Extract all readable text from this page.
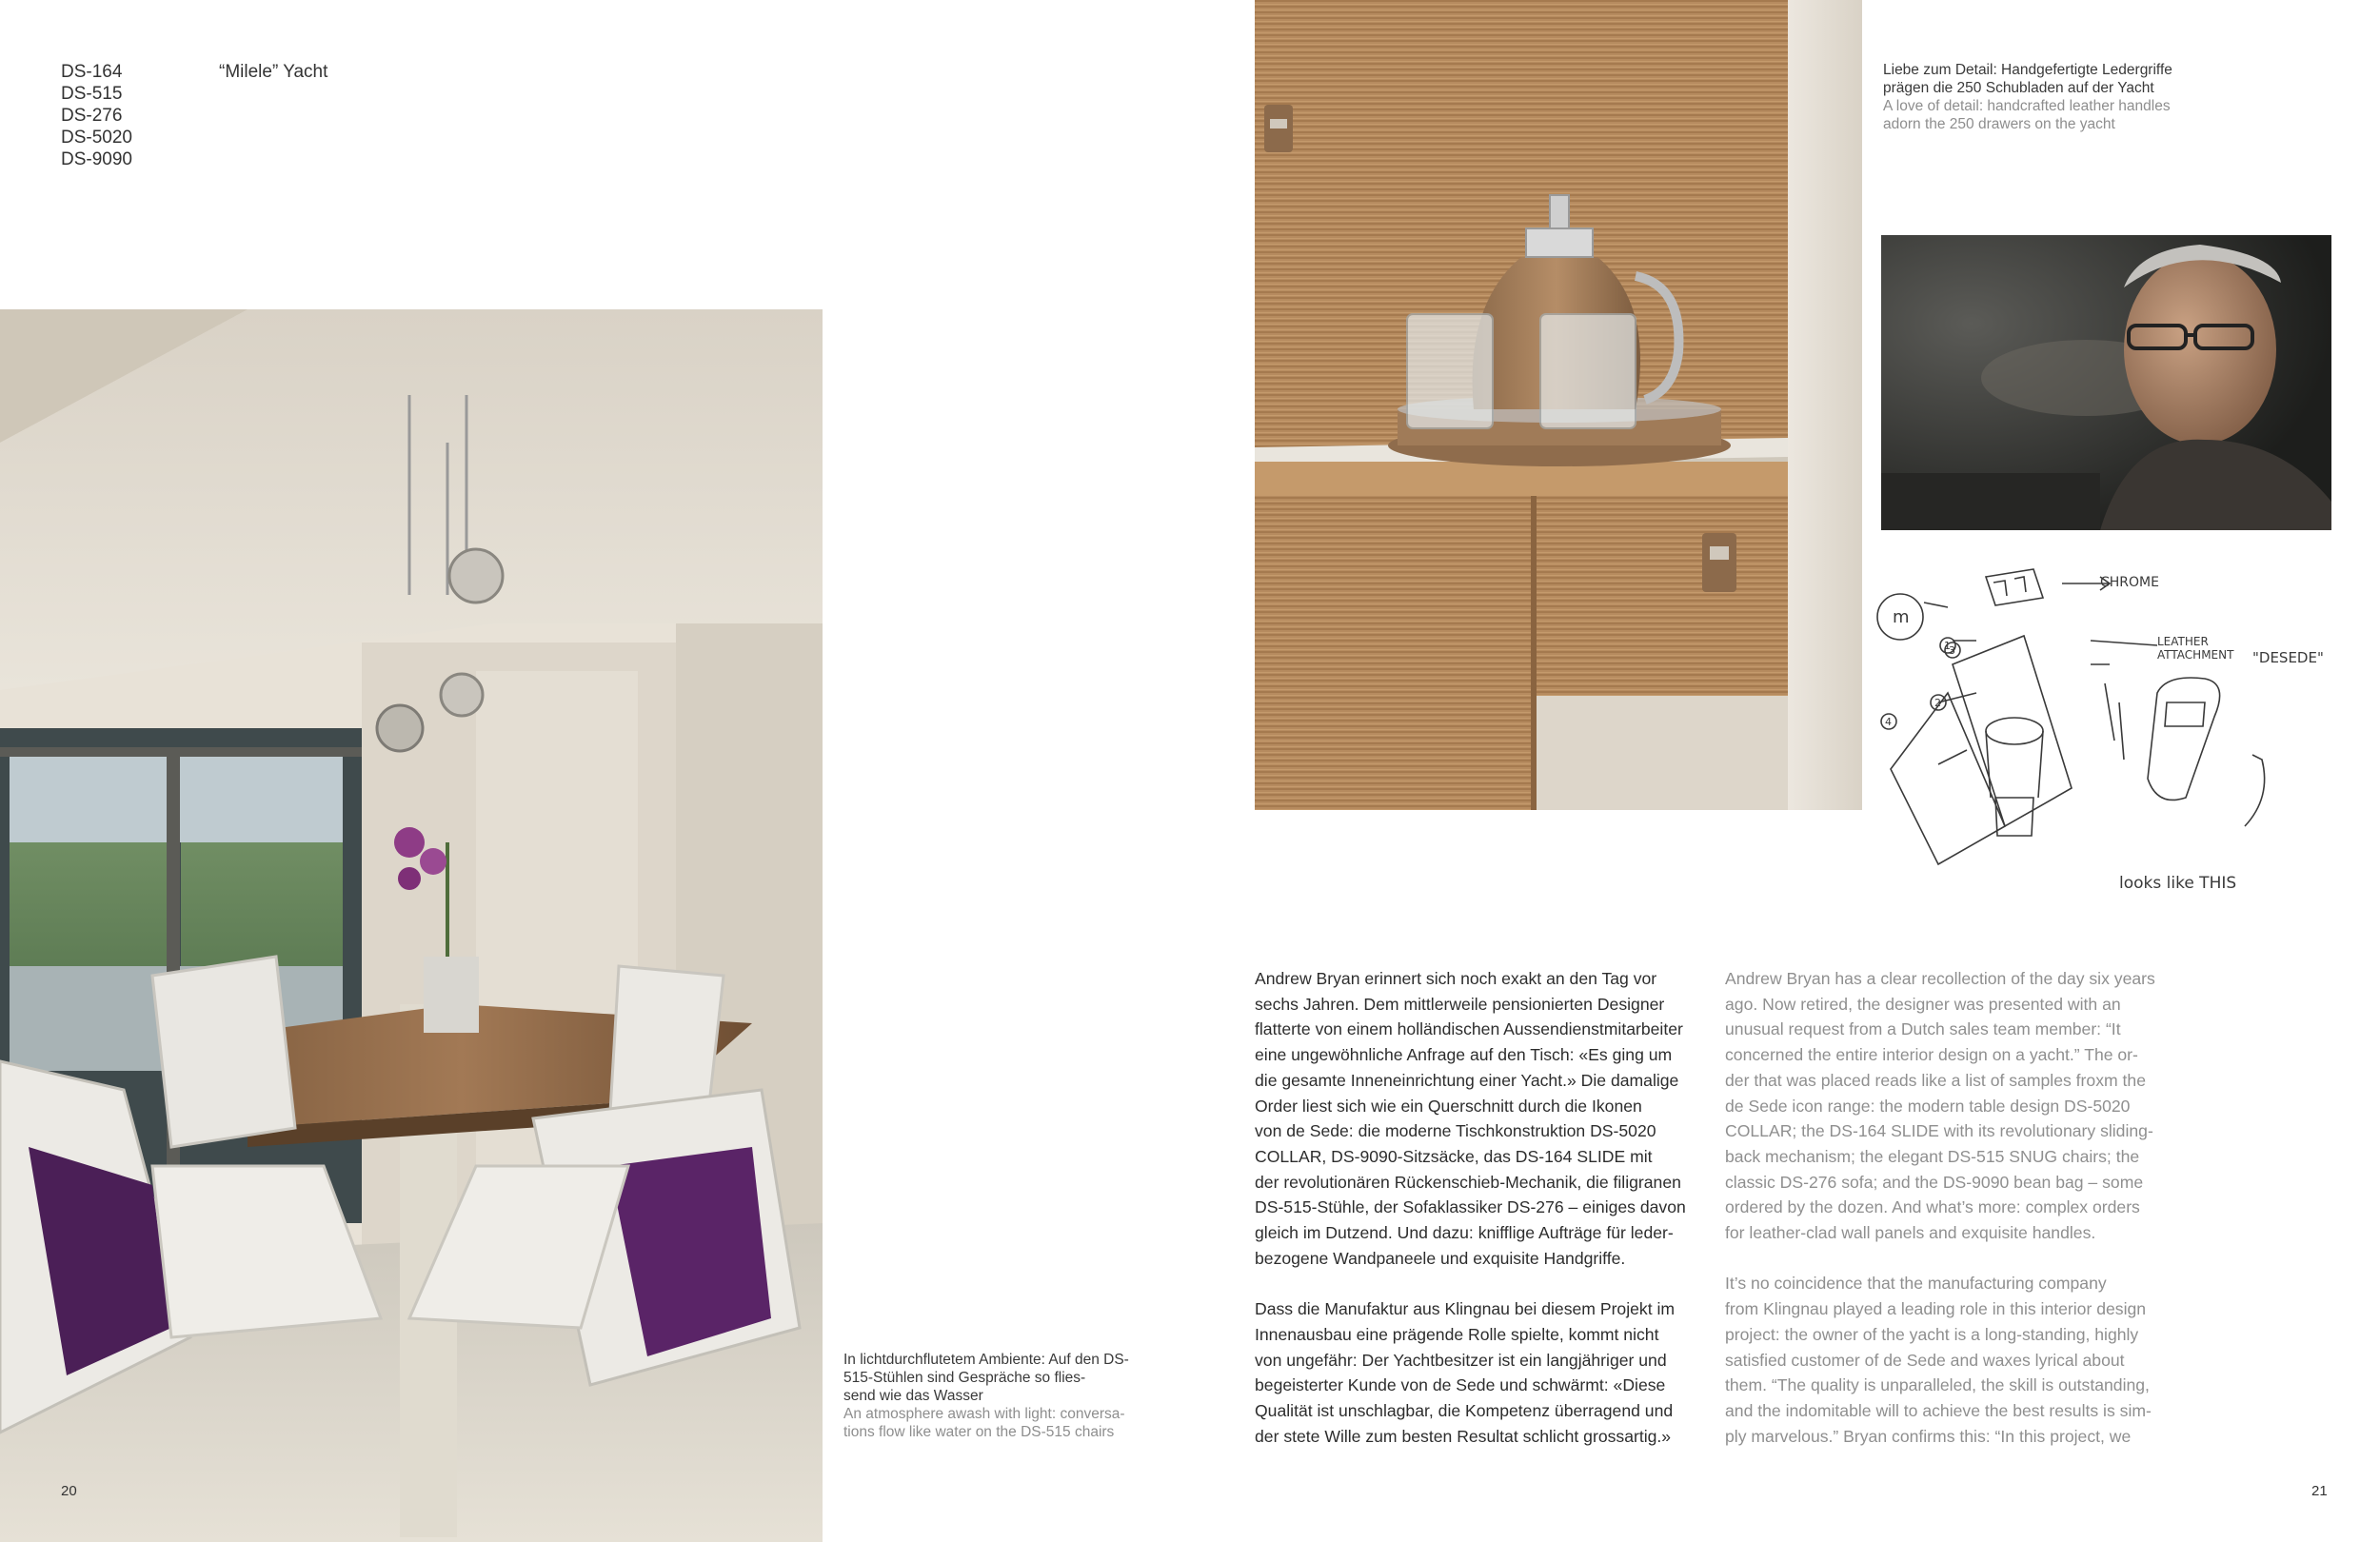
DS-164
DS-515
DS-276
DS-5020
DS-9090
“Milele” Yacht
CHROME
LEATHER ATTACHMENT "DESEDE"
looks like THIS
m
1
2
3
4
Liebe zum Detail: Handgefertigte Ledergriffe prägen die 250 Schubladen auf der Yacht
A love of detail: handcrafted leather handles adorn the 250 drawers on the yacht
In lichtdurchflutetem Ambiente: Auf den DS-515-Stühlen sind Gespräche so flies-
send wie das Wasser
An atmosphere awash with light: conversa-
tions flow like water on the DS-515 chairs

Andrew Bryan erinnert sich noch exakt an den Tag vor
sechs Jahren. Dem mittlerweile pensionierten Designer
flatterte von einem holländischen Aussendienstmitarbeiter
eine ungewöhnliche Anfrage auf den Tisch: «Es ging um
die gesamte Inneneinrichtung einer Yacht.» Die damalige
Order liest sich wie ein Querschnitt durch die Ikonen
von de Sede: die moderne Tischkonstruktion DS-5020
COLLAR, DS-9090-Sitzsäcke, das DS-164 SLIDE mit
der revolutionären Rückenschieb-Mechanik, die filigranen
DS-515-Stühle, der Sofaklassiker DS-276 – einiges davon
gleich im Dutzend. Und dazu: knifflige Aufträge für leder-
bezogene Wandpaneele und exquisite Handgriffe.

Dass die Manufaktur aus Klingnau bei diesem Projekt im
Innenausbau eine prägende Rolle spielte, kommt nicht
von ungefähr: Der Yachtbesitzer ist ein langjähriger und
begeisterter Kunde von de Sede und schwärmt: «Diese
Qualität ist unschlagbar, die Kompetenz überragend und
der stete Wille zum besten Resultat schlicht grossartig.»

Andrew Bryan has a clear recollection of the day six years
ago. Now retired, the designer was presented with an
unusual request from a Dutch sales team member: “It
concerned the entire interior design on a yacht.” The or-
der that was placed reads like a list of samples froxm the
de Sede icon range: the modern table design DS-5020
COLLAR; the DS-164 SLIDE with its revolutionary sliding-
back mechanism; the elegant DS-515 SNUG chairs; the
classic DS-276 sofa; and the DS-9090 bean bag – some
ordered by the dozen. And what’s more: complex orders
for leather-clad wall panels and exquisite handles.

It’s no coincidence that the manufacturing company
from Klingnau played a leading role in this interior design
project: the owner of the yacht is a long-standing, highly
satisfied customer of de Sede and waxes lyrical about
them. “The quality is unparalleled, the skill is outstanding,
and the indomitable will to achieve the best results is sim-
ply marvelous.” Bryan confirms this: “In this project, we

20	21
